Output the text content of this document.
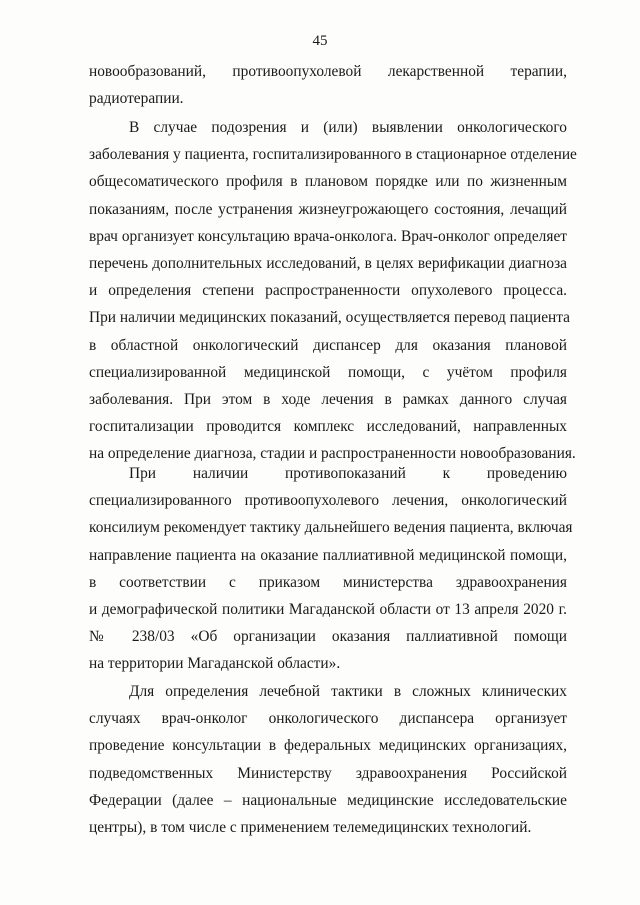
45
новообразований, противоопухолевой лекарственной терапии,
радиотерапии.
В случае подозрения и (или) выявлении онкологического
заболевания у пациента, госпитализированного в стационарное отделение
общесоматического профиля в плановом порядке или по жизненным
показаниям, после устранения жизнеугрожающего состояния, лечащий
врач организует консультацию врача-онколога. Врач-онколог определяет
перечень дополнительных исследований, в целях верификации диагноза
и определения степени распространенности опухолевого процесса.
При наличии медицинских показаний, осуществляется перевод пациента
в областной онкологический диспансер для оказания плановой
специализированной медицинской помощи, с учётом профиля
заболевания. При этом в ходе лечения в рамках данного случая
госпитализации проводится комплекс исследований, направленных
на определение диагноза, стадии и распространенности новообразования.
При наличии противопоказаний к проведению
специализированного противоопухолевого лечения, онкологический
консилиум рекомендует тактику дальнейшего ведения пациента, включая
направление пациента на оказание паллиативной медицинской помощи,
в соответствии с приказом министерства здравоохранения
и демографической политики Магаданской области от 13 апреля 2020 г.
№ 238/03 «Об организации оказания паллиативной помощи
на территории Магаданской области».
Для определения лечебной тактики в сложных клинических
случаях врач-онколог онкологического диспансера организует
проведение консультации в федеральных медицинских организациях,
подведомственных Министерству здравоохранения Российской
Федерации (далее – национальные медицинские исследовательские
центры), в том числе с применением телемедицинских технологий.
